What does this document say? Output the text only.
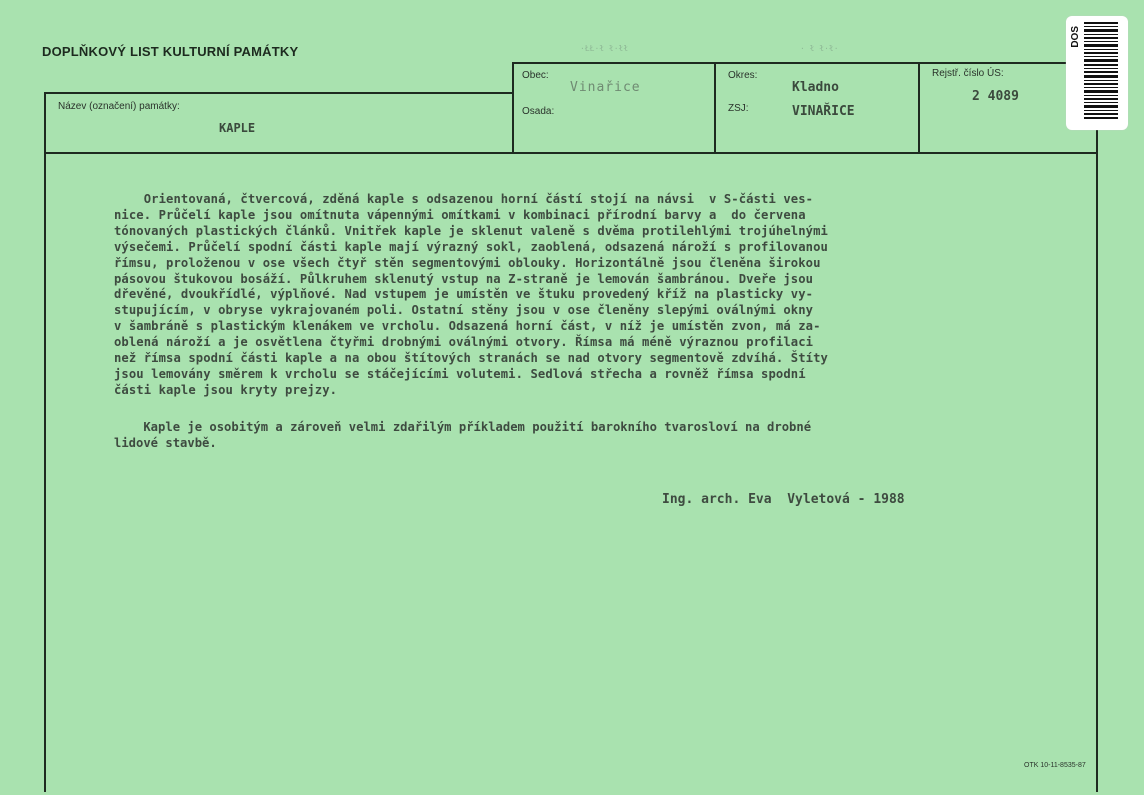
DOPLŇKOVÝ LIST KULTURNÍ PAMÁTKY	·ŁŁ·ł ł·łł	· ł ł·ł·
Název (označení) památky:
KAPLE
Obec:
Vinařice
Osada:
Okres:
Kladno
ZSJ:	VINAŘICE
Rejstř. číslo ÚS:
2 4089
Orientovaná, čtvercová, zděná kaple s odsazenou horní částí stojí na návsi  v S-části ves-
nice. Průčelí kaple jsou omítnuta vápennými omítkami v kombinaci přírodní barvy a  do červena
tónovaných plastických článků. Vnitřek kaple je sklenut valeně s dvěma protilehlými trojúhelnými
výsečemi. Průčelí spodní části kaple mají výrazný sokl, zaoblená, odsazená nároží s profilovanou
římsu, proloženou v ose všech čtyř stěn segmentovými oblouky. Horizontálně jsou členěna širokou
pásovou štukovou bosáží. Půlkruhem sklenutý vstup na Z-straně je lemován šambránou. Dveře jsou
dřevěné, dvoukřídlé, výplňové. Nad vstupem je umístěn ve štuku provedený kříž na plasticky vy-
stupujícím, v obryse vykrajovaném poli. Ostatní stěny jsou v ose členěny slepými oválnými okny
v šambráně s plastickým klenákem ve vrcholu. Odsazená horní část, v níž je umístěn zvon, má za-
oblená nároží a je osvětlena čtyřmi drobnými oválnými otvory. Římsa má méně výraznou profilaci
než římsa spodní části kaple a na obou štítových stranách se nad otvory segmentově zdvíhá. Štíty
jsou lemovány směrem k vrcholu se stáčejícími volutemi. Sedlová střecha a rovněž římsa spodní
části kaple jsou kryty prejzy.
Kaple je osobitým a zároveň velmi zdařilým příkladem použití barokního tvarosloví na drobné
lidové stavbě.
Ing. arch. Eva  Vyletová - 1988
OTK 10-11-8535-87
DOS
